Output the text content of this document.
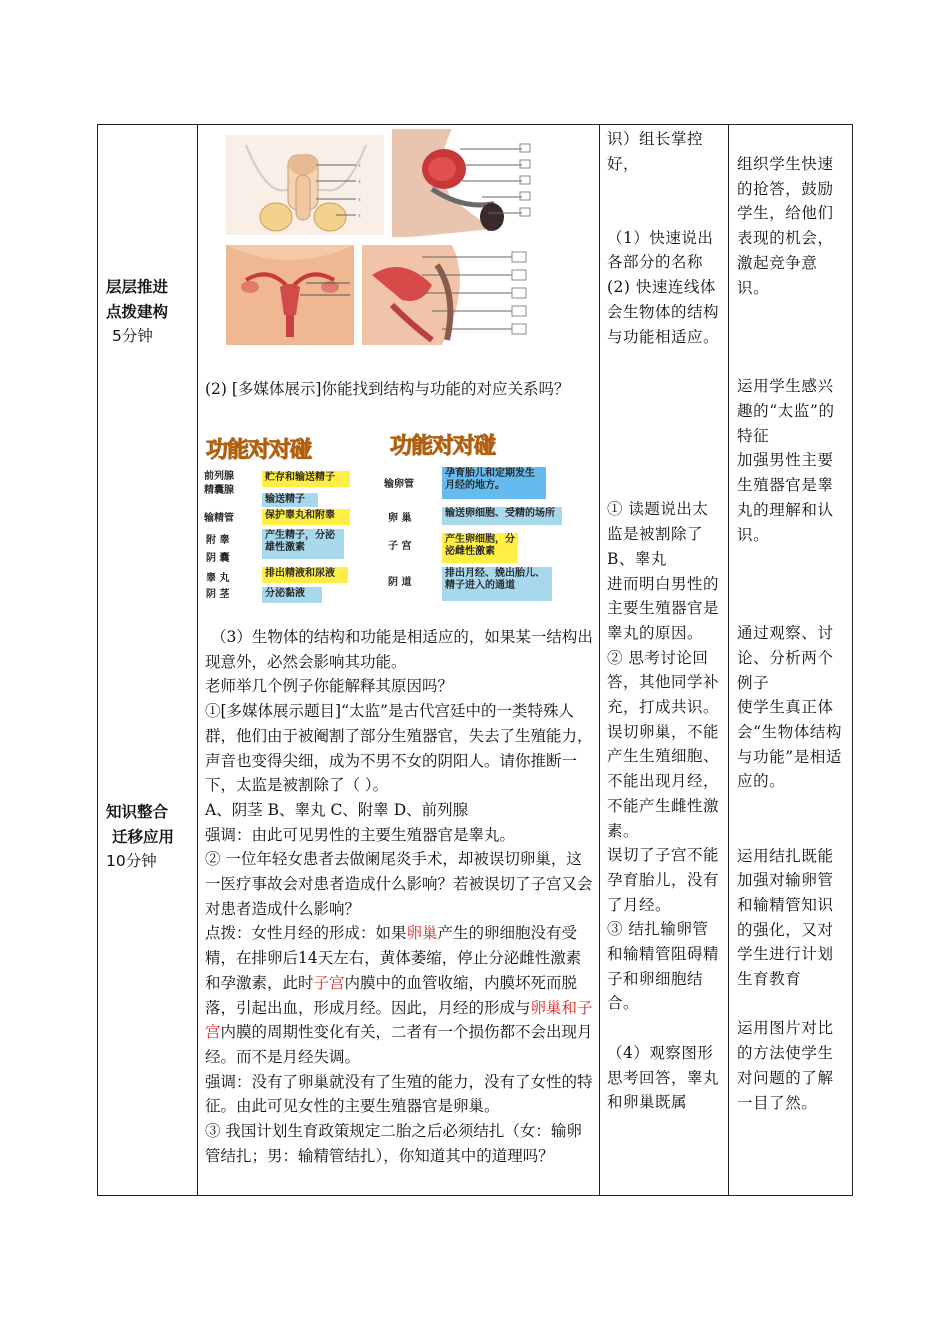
层层推进

点拨建构

5分钟

知识整合

迁移应用

10分钟

‹
‹
‹
‹
(2) [多媒体展示]你能找到结构与功能的对应关系吗？
功能对对碰
前列腺
精囊腺
输精管
附 睾
阴 囊
睾 丸
阴 茎
贮存和输送精子
输送精子
保护睾丸和附睾
产生精子，分泌雄性激素
排出精液和尿液
分泌黏液
功能对对碰
输卵管
卵 巢
子 宫
阴 道
孕育胎儿和定期发生月经的地方。
输送卵细胞、受精的场所
产生卵细胞，分泌雌性激素
排出月经、娩出胎儿、精子进入的通道

（3）生物体的结构和功能是相适应的，如果某一结构出现意外，必然会影响其功能。

老师举几个例子你能解释其原因吗？

①[多媒体展示题目]“太监”是古代宫廷中的一类特殊人群，他们由于被阉割了部分生殖器官，失去了生殖能力，声音也变得尖细，成为不男不女的阴阳人。请你推断一下，太监是被割除了（ ）。

A、阴茎 B、睾丸 C、附睾 D、前列腺

强调：由此可见男性的主要生殖器官是睾丸。

② 一位年轻女患者去做阑尾炎手术，却被误切卵巢，这一医疗事故会对患者造成什么影响？若被误切了子宫又会对患者造成什么影响？

点拨：女性月经的形成：如果卵巢产生的卵细胞没有受精，在排卵后14天左右，黄体萎缩，停止分泌雌性激素和孕激素，此时子宫内膜中的血管收缩，内膜坏死而脱落，引起出血，形成月经。因此，月经的形成与卵巢和子宫内膜的周期性变化有关，二者有一个损伤都不会出现月经。而不是月经失调。

强调：没有了卵巢就没有了生殖的能力，没有了女性的特征。由此可见女性的主要生殖器官是卵巢。

③ 我国计划生育政策规定二胎之后必须结扎（女：输卵管结扎；男：输精管结扎），你知道其中的道理吗？

识）组长掌控好，

（1）快速说出各部分的名称

(2) 快速连线体会生物体的结构与功能相适应。

① 读题说出太监是被割除了B、睾丸

进而明白男性的主要生殖器官是睾丸的原因。

② 思考讨论回答，其他同学补充，打成共识。

误切卵巢，不能产生生殖细胞、不能出现月经，不能产生雌性激素。

误切了子宫不能孕育胎儿，没有了月经。

③ 结扎输卵管和输精管阻碍精子和卵细胞结合。

（4）观察图形思考回答，睾丸和卵巢既属

组织学生快速的抢答，鼓励学生，给他们表现的机会，激起竞争意识。

运用学生感兴趣的“太监”的特征

加强男性主要生殖器官是睾丸的理解和认识。

通过观察、讨论、分析两个例子

使学生真正体会“生物体结构与功能”是相适应的。

运用结扎既能加强对输卵管和输精管知识的强化，又对学生进行计划生育教育

运用图片对比的方法使学生对问题的了解一目了然。
